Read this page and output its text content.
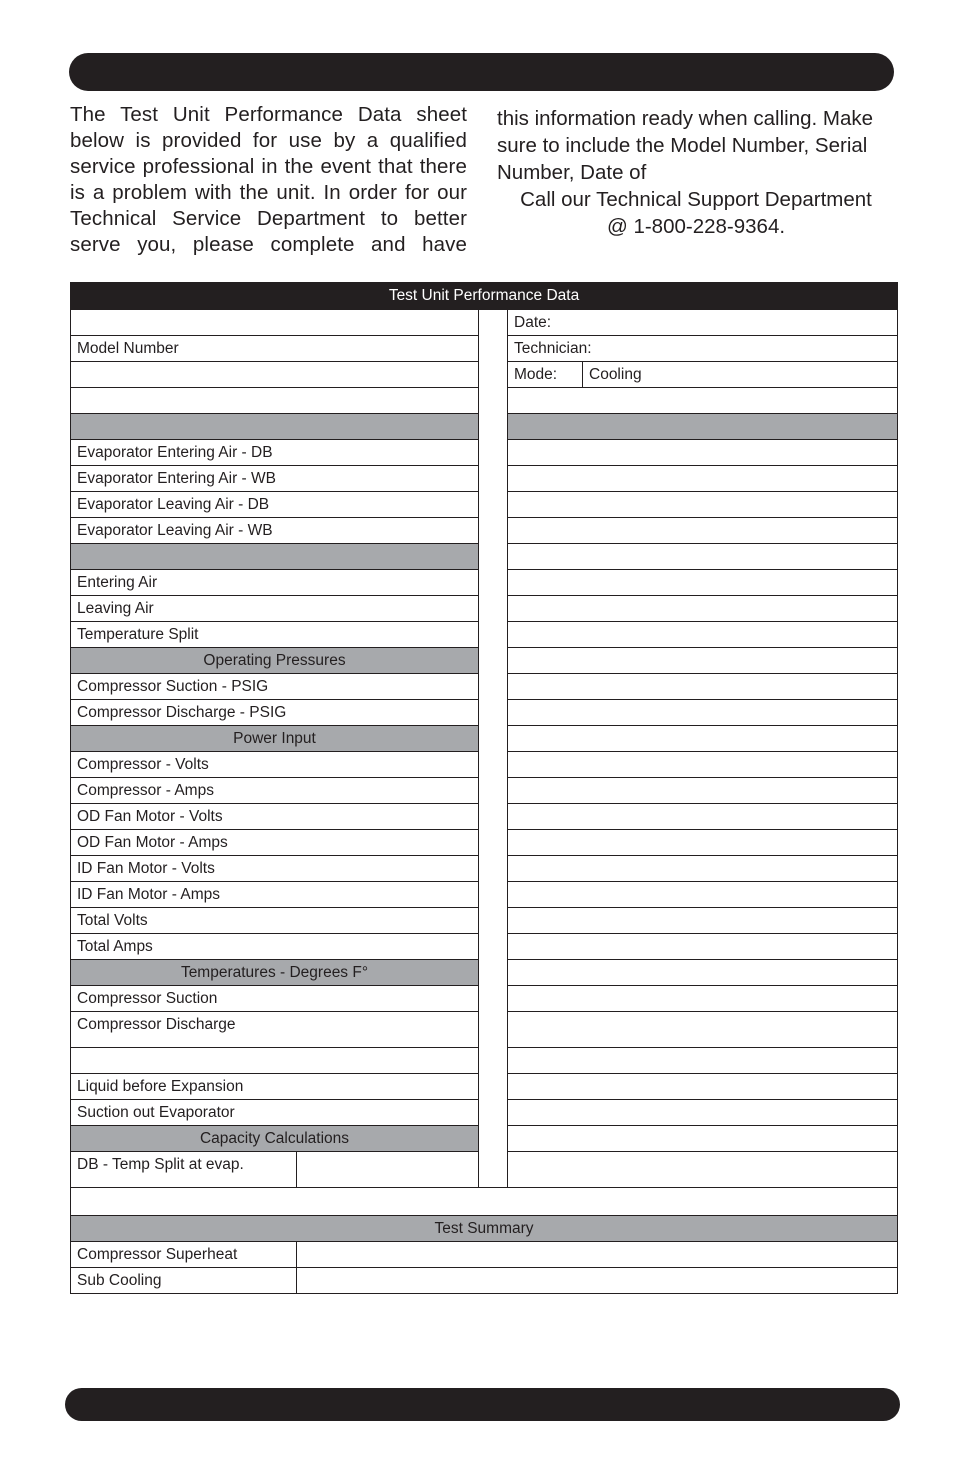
The Test Unit Performance Data sheet
below is provided for use by a qualified
service professional in the event that there
is a problem with the unit. In order for our
Technical Service Department to better
serve you, please complete and have
this information ready when calling. Make
sure to include the Model Number, Serial
Number, Date of
Call our Technical Support Department
@ 1-800-228-9364.
Test Unit Performance Data				
			Date:	
Model Number			Technician:	
			Mode:	Cooling

Evaporator Entering Air - DB				
Evaporator Entering Air - WB				
Evaporator Leaving Air - DB				
Evaporator Leaving Air - WB				

Entering Air				
Leaving Air				
Temperature Split				
Operating Pressures				
Compressor Suction - PSIG				
Compressor Discharge - PSIG				
Power Input				
Compressor - Volts				
Compressor - Amps				
OD Fan Motor - Volts				
OD Fan Motor - Amps				
ID Fan Motor - Volts				
ID Fan Motor - Amps				
Total Volts				
Total Amps				
Temperatures - Degrees F°				
Compressor Suction				
Compressor Discharge				

Liquid before Expansion				
Suction out Evaporator				
Capacity Calculations				
DB - Temp Split at evap.				

Test Summary				
Compressor Superheat				
Sub Cooling				
